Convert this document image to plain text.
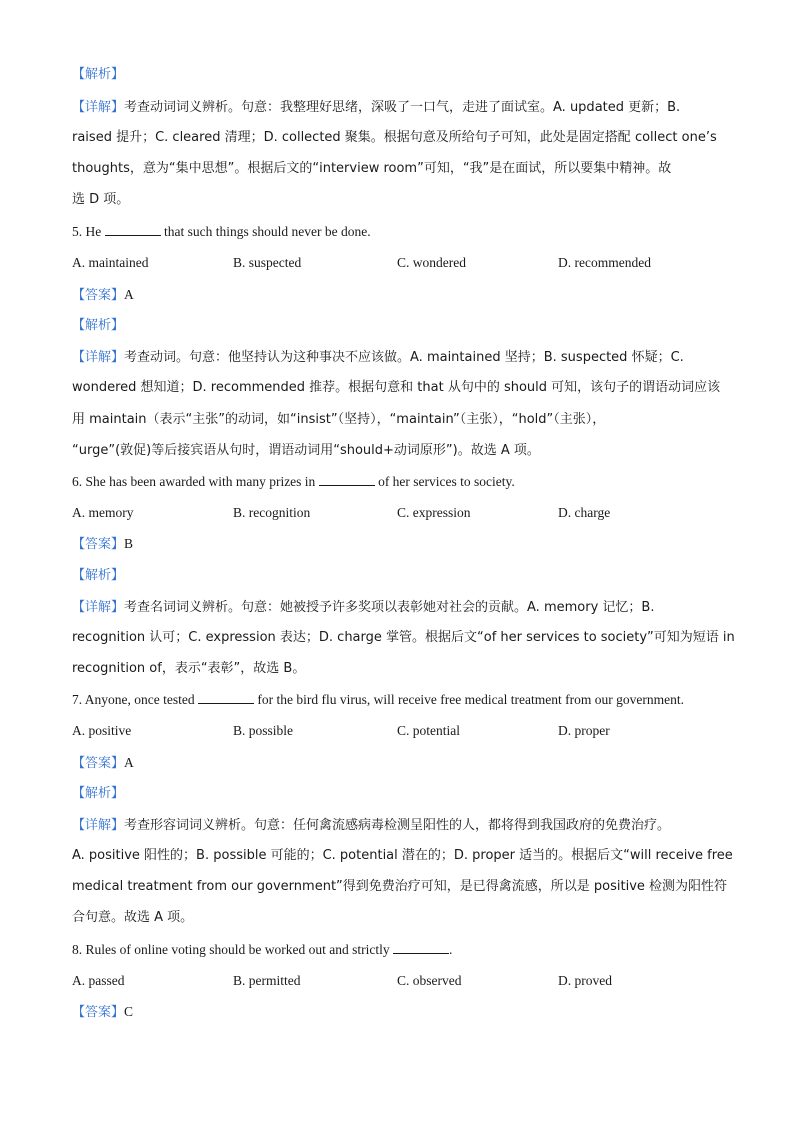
【解析】
【详解】考查动词词义辨析。句意：我整理好思绪，深吸了一口气，走进了面试室。A. updated 更新；B.
raised 提升；C. cleared 清理；D. collected 聚集。根据句意及所给句子可知，此处是固定搭配 collect one’s
thoughts，意为“集中思想”。根据后文的“interview room”可知，“我”是在面试，所以要集中精神。故
选 D 项。
5. He	that such things should never be done.
A. maintained	B. suspected	C. wondered	D. recommended
【答案】A
【解析】
【详解】考查动词。句意：他坚持认为这种事决不应该做。A. maintained 坚持；B. suspected 怀疑；C.
wondered 想知道；D. recommended 推荐。根据句意和 that 从句中的 should 可知，该句子的谓语动词应该
用 maintain（表示“主张”的动词，如“insist”（坚持），“maintain”（主张），“hold”（主张），
“urge”(敦促)等后接宾语从句时，谓语动词用“should+动词原形”)。故选 A 项。
6. She has been awarded with many prizes in	of her services to society.
A. memory	B. recognition	C. expression	D. charge
【答案】B
【解析】
【详解】考查名词词义辨析。句意：她被授予许多奖项以表彰她对社会的贡献。A. memory 记忆；B.
recognition 认可；C. expression 表达；D. charge 掌管。根据后文“of her services to society”可知为短语 in
recognition of，表示“表彰”，故选 B。
7. Anyone, once tested	for the bird flu virus, will receive free medical treatment from our government.
A. positive	B. possible	C. potential	D. proper
【答案】A
【解析】
【详解】考查形容词词义辨析。句意：任何禽流感病毒检测呈阳性的人，都将得到我国政府的免费治疗。
A. positive 阳性的；B. possible 可能的；C. potential 潜在的；D. proper 适当的。根据后文“will receive free
medical treatment from our government”得到免费治疗可知，是已得禽流感，所以是 positive 检测为阳性符
合句意。故选 A 项。
8. Rules of online voting should be worked out and strictly	.
A. passed	B. permitted	C. observed	D. proved
【答案】C
